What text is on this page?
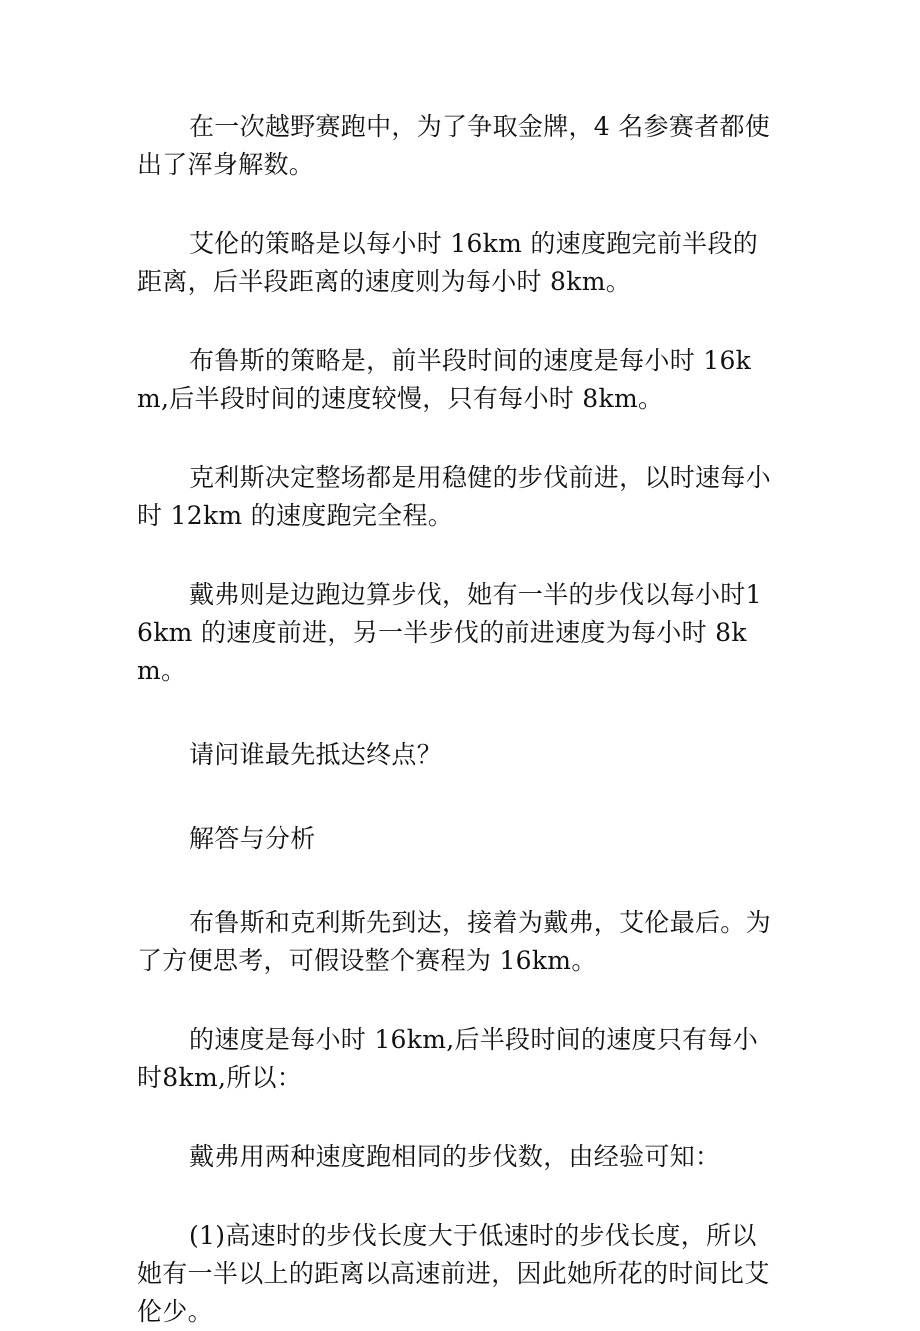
在一次越野赛跑中，为了争取金牌，4 名参赛者都使出了浑身解数。

艾伦的策略是以每小时 16km 的速度跑完前半段的距离，后半段距离的速度则为每小时 8km。

布鲁斯的策略是，前半段时间的速度是每小时 16km,后半段时间的速度较慢，只有每小时 8km。

克利斯决定整场都是用稳健的步伐前进，以时速每小时 12km 的速度跑完全程。

戴弗则是边跑边算步伐，她有一半的步伐以每小时16km 的速度前进，另一半步伐的前进速度为每小时 8km。

请问谁最先抵达终点？

解答与分析

布鲁斯和克利斯先到达，接着为戴弗，艾伦最后。为了方便思考，可假设整个赛程为 16km。

的速度是每小时 16km,后半段时间的速度只有每小时8km,所以：

戴弗用两种速度跑相同的步伐数，由经验可知：

(1)高速时的步伐长度大于低速时的步伐长度，所以她有一半以上的距离以高速前进，因此她所花的时间比艾伦少。
